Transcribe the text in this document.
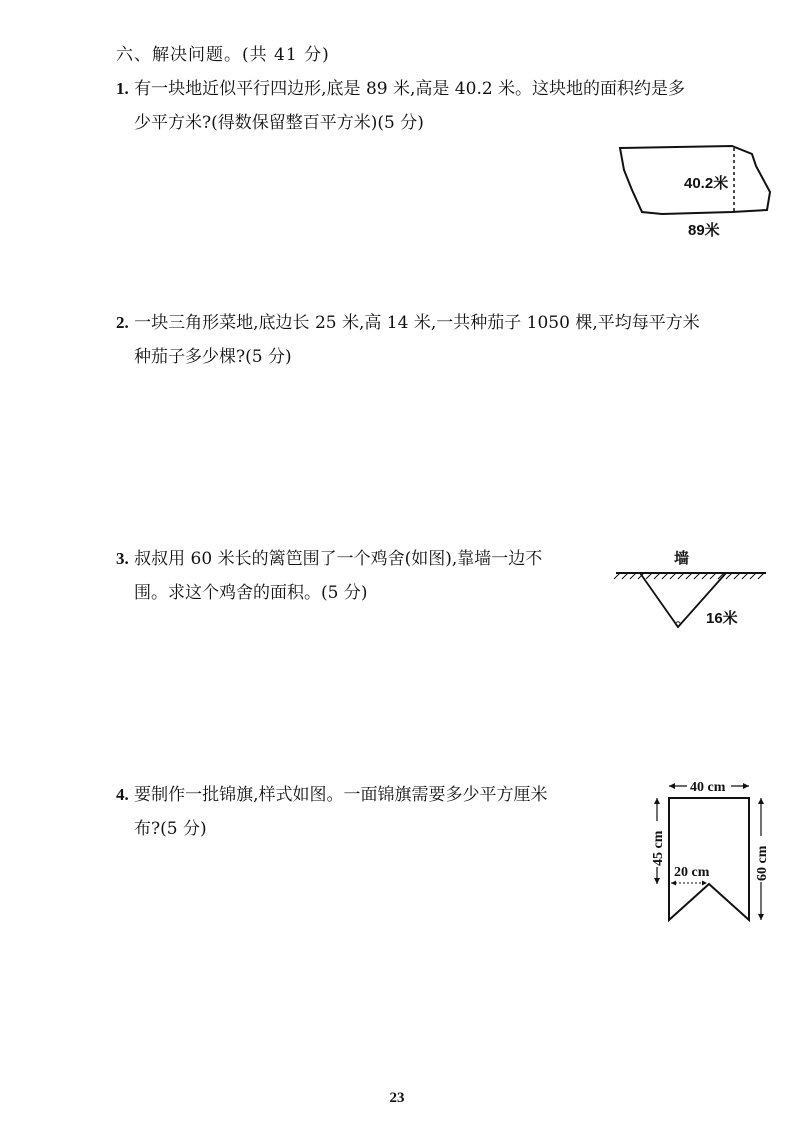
六、解决问题。(共 41 分)
1. 有一块地近似平行四边形,底是 89 米,高是 40.2 米。这块地的面积约是多
少平方米?(得数保留整百平方米)(5 分)
40.2米
89米
2. 一块三角形菜地,底边长 25 米,高 14 米,一共种茄子 1050 棵,平均每平方米
种茄子多少棵?(5 分)
3. 叔叔用 60 米长的篱笆围了一个鸡舍(如图),靠墙一边不
围。求这个鸡舍的面积。(5 分)
墙
16米
4. 要制作一批锦旗,样式如图。一面锦旗需要多少平方厘米
布?(5 分)
40 cm
45 cm	60 cm
20 cm
23
